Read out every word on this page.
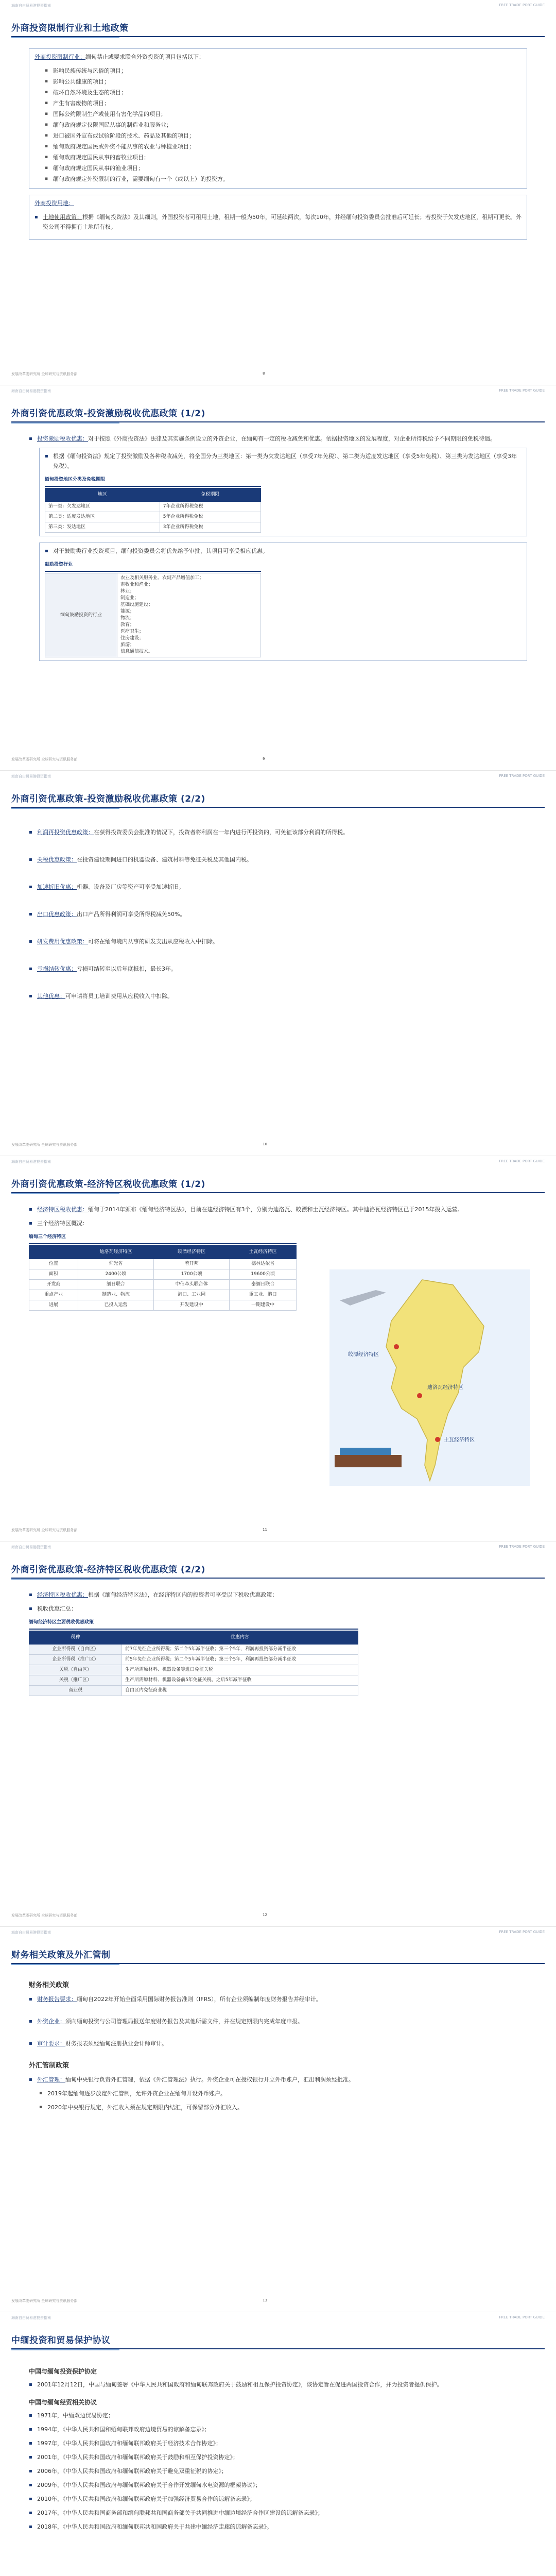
海南自由贸易港投资指南	FREE TRADE PORT GUIDE
外商投资限制行业和土地政策

外商投资限制行业：缅甸禁止或要求联合外资投资的项目包括以下：

▪ 影响民族传统与风俗的项目；
▪ 影响公共健康的项目；
▪ 破坏自然环境及生态的项目；
▪ 产生有害废物的项目；
▪ 国际公约限制生产或使用有害化学品的项目；
▪ 缅甸政府规定仅限国民从事的制造业和服务业；
▪ 进口被国外宣布或试验阶段的技术、药品及其他的项目；
▪ 缅甸政府规定国民或外资不能从事的农业与种植业项目；
▪ 缅甸政府规定国民从事的畜牧业项目；
▪ 缅甸政府规定国民从事的渔业项目；
▪ 缅甸政府规定外资限制的行业，需要缅甸有一个（或以上）的投资方。

外商投资用地：

▪ 土地使用政策：根据《缅甸投资法》及其细则，外国投资者可租用土地，租期一般为50年，可延续两次，每次10年，并经缅甸投资委员会批准后可延长；若投资于欠发达地区，租期可更长。外资公司不得拥有土地所有权。

发展改革委研究所 全球研究与资讯服务部	8
海南自由贸易港投资指南	FREE TRADE PORT GUIDE
外商引资优惠政策-投资激励税收优惠政策 (1/2)

▪ 投资激励税收优惠：对于按照《外商投资法》法律及其实施条例设立的外资企业，在缅甸有一定的税收减免和优惠。依据投资地区的发展程度，对企业所得税给予不同期限的免税待遇。

▪ 根据《缅甸投资法》规定了投资激励及各种税收减免，将全国分为三类地区：第一类为欠发达地区（享受7年免税）、第二类为适度发达地区（享受5年免税）、第三类为发达地区（享受3年免税）。

缅甸投资地区分类及免税期限
地区	免税期限
第一类：欠发达地区	7年企业所得税免税
第二类：适度发达地区	5年企业所得税免税
第三类：发达地区	3年企业所得税免税

▪ 对于鼓励类行业投资项目，缅甸投资委员会将优先给予审批，其项目可享受相应优惠。

鼓励投资行业
缅甸鼓励投资的行业	
农业及相关服务业、农副产品增值加工；
畜牧业和渔业；
林业；
制造业；
基础设施建设；
能源；
物流；
教育；
医疗卫生；
住房建设；
旅游；
信息通信技术。
发展改革委研究所 全球研究与资讯服务部	9
海南自由贸易港投资指南	FREE TRADE PORT GUIDE
外商引资优惠政策-投资激励税收优惠政策 (2/2)

▪ 利润再投资优惠政策：在获得投资委员会批准的情况下，投资者将利润在一年内进行再投资的，可免征该部分利润的所得税。

▪ 关税优惠政策：在投资建设期间进口的机器设备、建筑材料等免征关税及其他国内税。

▪ 加速折旧优惠：机器、设备及厂房等资产可享受加速折旧。

▪ 出口优惠政策：出口产品所得利润可享受所得税减免50%。

▪ 研发费用优惠政策：可将在缅甸境内从事的研发支出从应税收入中扣除。

▪ 亏损结转优惠：亏损可结转至以后年度抵扣，最长3年。

▪ 其他优惠：可申请将员工培训费用从应税收入中扣除。

发展改革委研究所 全球研究与资讯服务部	10
海南自由贸易港投资指南	FREE TRADE PORT GUIDE
外商引资优惠政策-经济特区税收优惠政策 (1/2)

▪ 经济特区税收优惠：缅甸于2014年颁布《缅甸经济特区法》，目前在建经济特区有3个，分别为迪洛瓦、皎漂和土瓦经济特区。其中迪洛瓦经济特区已于2015年投入运营。

▪ 三个经济特区概况：

缅甸三个经济特区
	迪洛瓦经济特区	皎漂经济特区	土瓦经济特区
位置	仰光省	若开邦	德林达依省
面积	2400公顷	1700公顷	19600公顷
开发商	缅日联合	中信牵头联合体	泰缅日联合
重点产业	制造业、物流	港口、工业园	重工业、港口
进展	已投入运营	开发建设中	一期建设中
皎漂经济特区
迪洛瓦经济特区
土瓦经济特区
发展改革委研究所 全球研究与资讯服务部	11
海南自由贸易港投资指南	FREE TRADE PORT GUIDE
外商引资优惠政策-经济特区税收优惠政策 (2/2)

▪ 经济特区税收优惠：根据《缅甸经济特区法》，在经济特区内的投资者可享受以下税收优惠政策：

▪ 税收优惠汇总：

缅甸经济特区主要税收优惠政策
税种	优惠内容
企业所得税（自由区）	前7年免征企业所得税；第二个5年减半征收；第三个5年，利润再投资部分减半征收
企业所得税（推广区）	前5年免征企业所得税；第二个5年减半征收；第三个5年，利润再投资部分减半征收
关税（自由区）	生产所需原材料、机器设备等进口免征关税
关税（推广区）	生产所需原材料、机器设备前5年免征关税，之后5年减半征收
商业税	自由区内免征商业税
发展改革委研究所 全球研究与资讯服务部	12
海南自由贸易港投资指南	FREE TRADE PORT GUIDE
财务相关政策及外汇管制
财务相关政策

▪ 财务报告要求：缅甸自2022年开始全面采用国际财务报告准则（IFRS），所有企业须编制年度财务报告并经审计。

▪ 外资企业：须向缅甸投资与公司管理局报送年度财务报告及其他所需文件，并在规定期限内完成年度申报。

▪ 审计要求：财务报表须经缅甸注册执业会计师审计。

外汇管制政策

▪ 外汇管理：缅甸中央银行负责外汇管理，依据《外汇管理法》执行。外资企业可在授权银行开立外币账户，汇出利润须经批准。

▪ 2019年起缅甸逐步放宽外汇管制，允许外资企业在缅甸开设外币账户。

▪ 2020年中央银行规定，外汇收入须在规定期限内结汇，可保留部分外汇收入。

发展改革委研究所 全球研究与资讯服务部	13
海南自由贸易港投资指南	FREE TRADE PORT GUIDE
中缅投资和贸易保护协议
中国与缅甸投资保护协定

▪ 2001年12月12日，中国与缅甸签署《中华人民共和国政府和缅甸联邦政府关于鼓励和相互保护投资协定》，该协定旨在促进两国投资合作，并为投资者提供保护。

中国与缅甸经贸相关协议

▪ 1971年，中缅双边贸易协定；

▪ 1994年，《中华人民共和国和缅甸联邦政府边境贸易的谅解备忘录》；

▪ 1997年，《中华人民共和国政府和缅甸联邦政府关于经济技术合作协定》；

▪ 2001年，《中华人民共和国政府和缅甸联邦政府关于鼓励和相互保护投资协定》；

▪ 2006年，《中华人民共和国政府和缅甸联邦政府关于避免双重征税的协定》；

▪ 2009年，《中华人民共和国政府与缅甸联邦政府关于合作开发缅甸水电资源的框架协议》；

▪ 2010年，《中华人民共和国政府和缅甸联邦政府关于加强经济贸易合作的谅解备忘录》；

▪ 2017年，《中华人民共和国商务部和缅甸联邦共和国商务部关于共同推进中缅边境经济合作区建设的谅解备忘录》；

▪ 2018年，《中华人民共和国政府和缅甸联邦共和国政府关于共建中缅经济走廊的谅解备忘录》。
